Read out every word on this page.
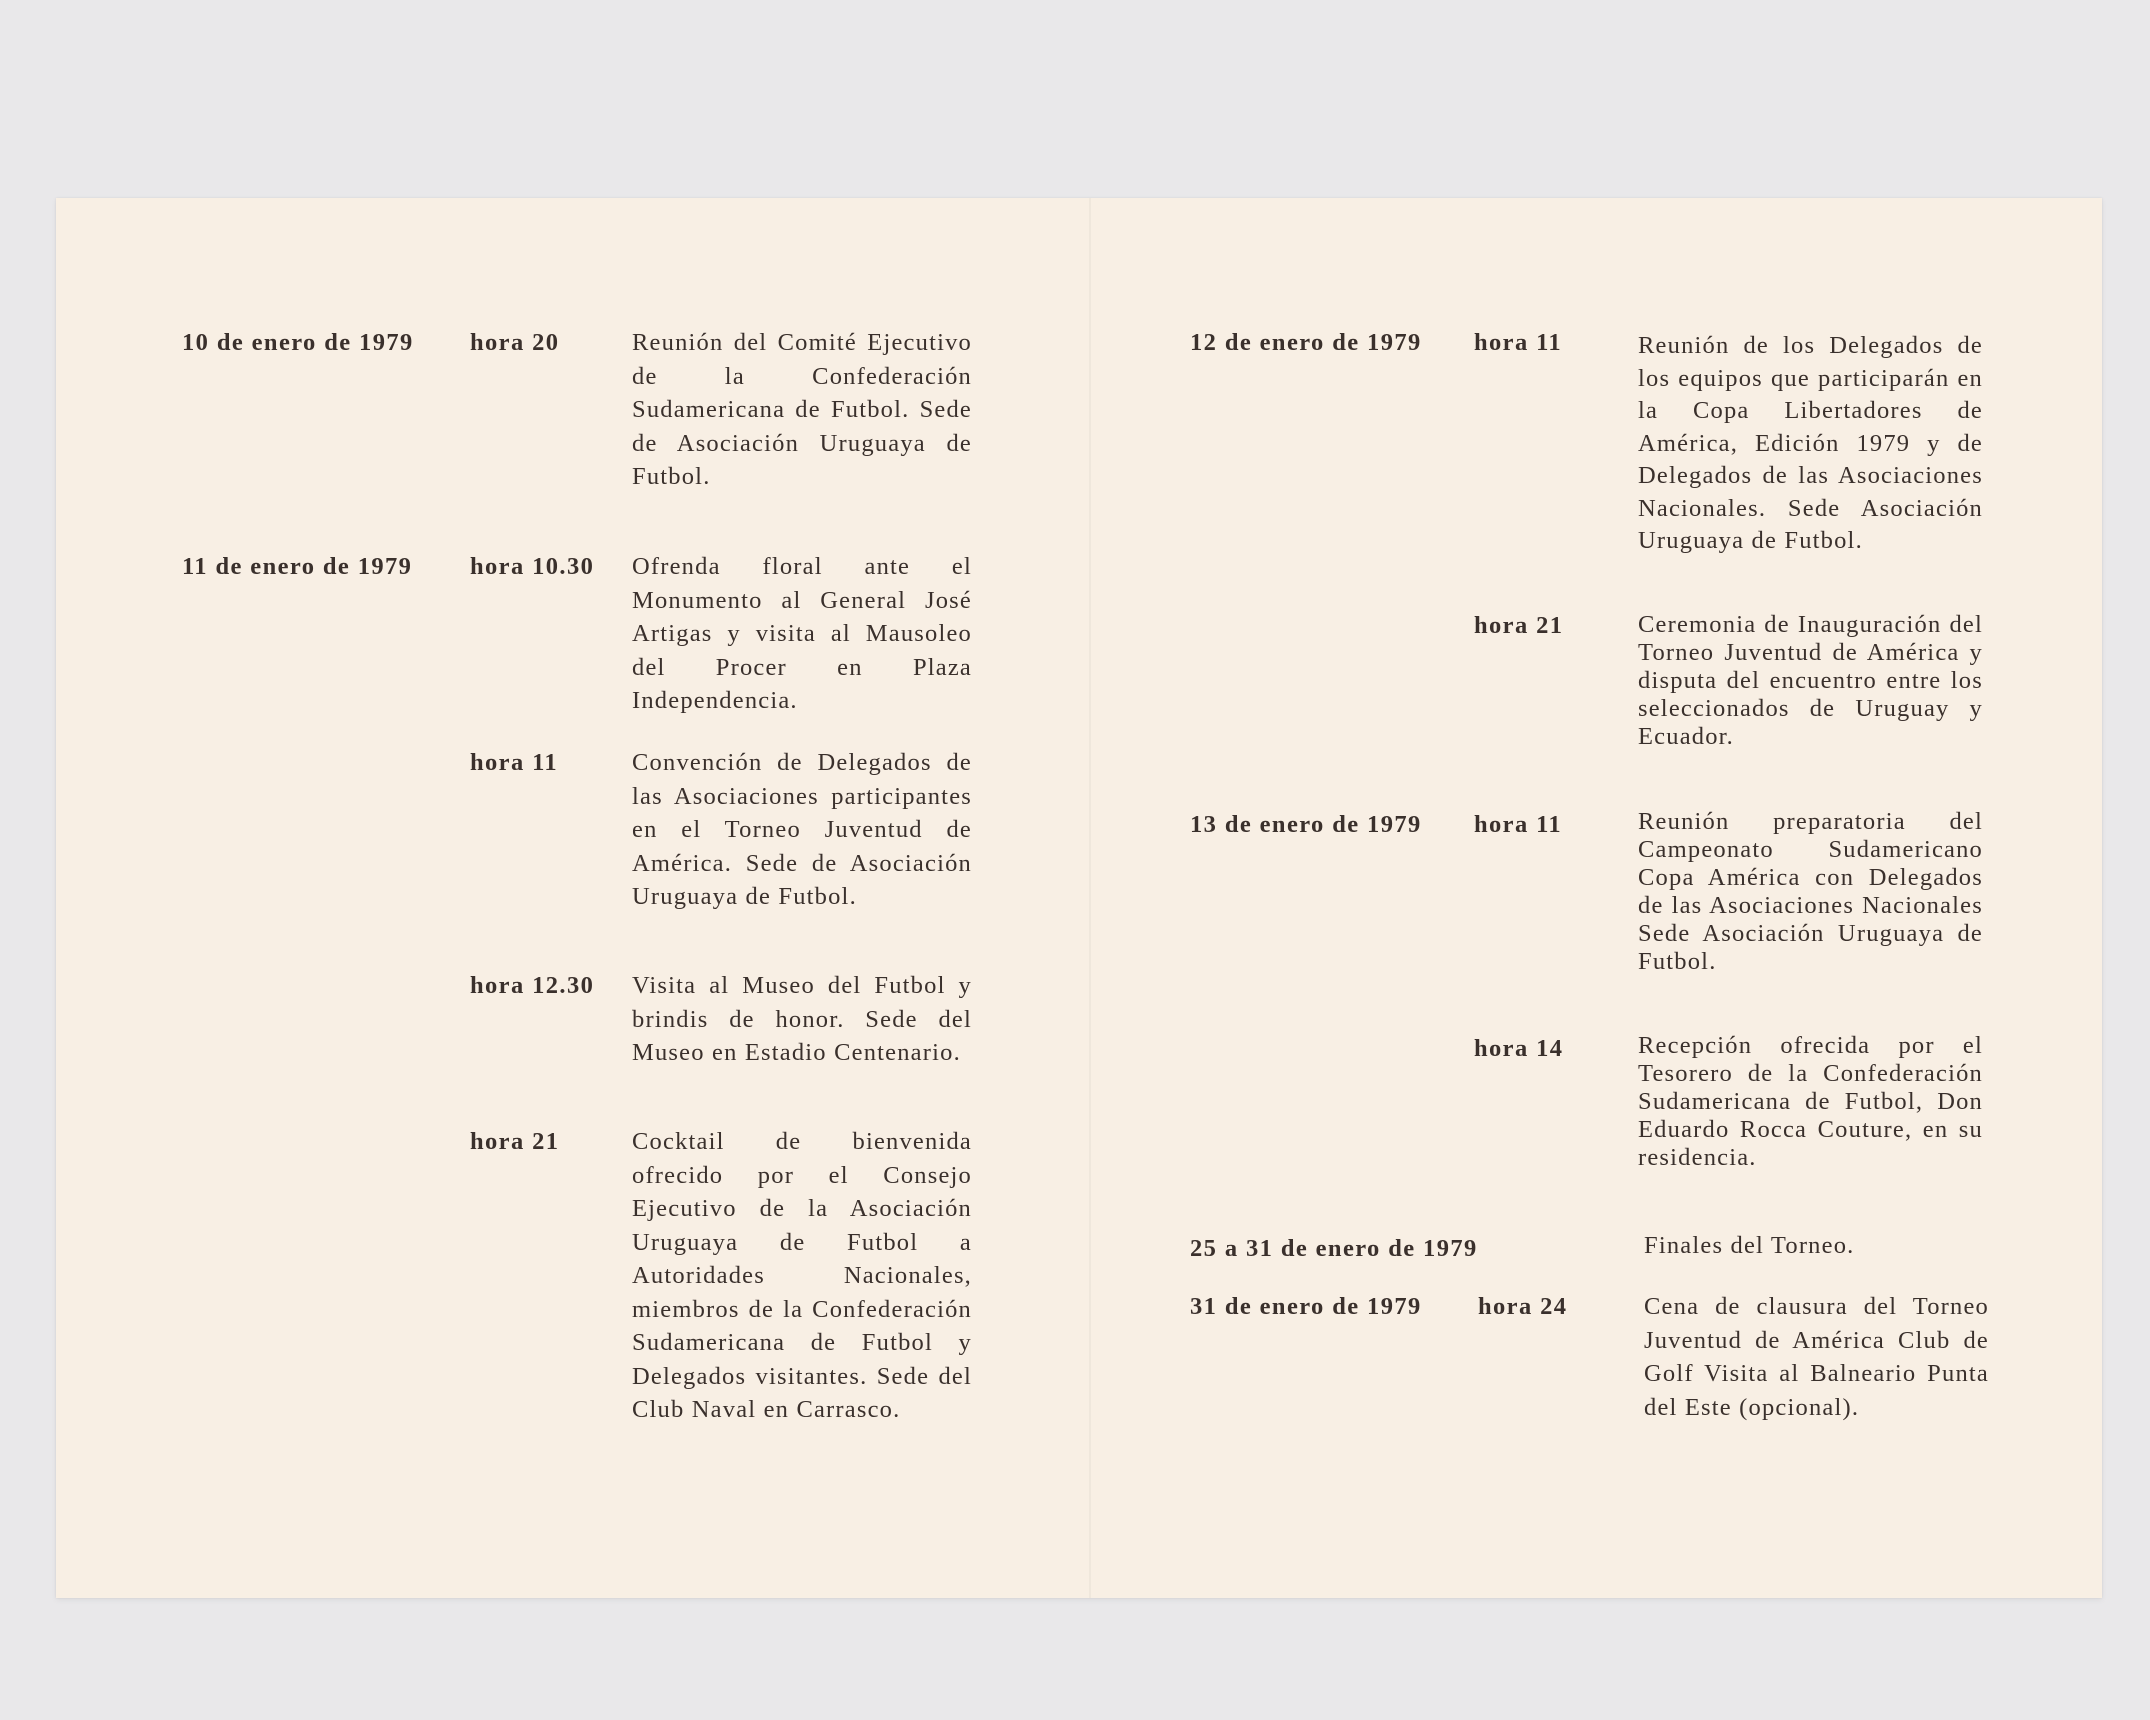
10 de enero de 1979 hora 20	Reunión del Comité Ejecutivo de la Confederación Sudamericana de Futbol. Sede de Asociación Uruguaya de Futbol.
11 de enero de 1979 hora 10.30 Ofrenda floral ante el Monumento al General José Artigas y visita al Mausoleo del Procer en Plaza Independencia.
hora 11	Convención de Delegados de las Asociaciones participantes en el Torneo Juventud de América. Sede de Asociación Uruguaya de Futbol.
hora 12.30 Visita al Museo del Futbol y brindis de honor. Sede del Museo en Estadio Centenario.
hora 21	Cocktail de bienvenida ofrecido por el Consejo Ejecutivo de la Asociación Uruguaya de Futbol a Autoridades Nacionales, miembros de la Confederación Sudamericana de Futbol y Delegados visitantes. Sede del Club Naval en Carrasco.
12 de enero de 1979 hora 11	Reunión de los Delegados de los equipos que participarán en la Copa Libertadores de América, Edición 1979 y de Delegados de las Asociaciones Nacionales. Sede Asociación Uruguaya de Futbol.
hora 21	Ceremonia de Inauguración del Torneo Juventud de América y disputa del encuentro entre los seleccionados de Uruguay y Ecuador.
13 de enero de 1979 hora 11	Reunión preparatoria del Campeonato Sudamericano Copa América con Delegados de las Asociaciones Nacionales Sede Asociación Uruguaya de Futbol.
hora 14	Recepción ofrecida por el Tesorero de la Confederación Sudamericana de Futbol, Don Eduardo Rocca Couture, en su residencia.
25 a 31 de enero de 1979	Finales del Torneo.
31 de enero de 1979 hora 24	Cena de clausura del Torneo Juventud de América Club de Golf Visita al Balneario Punta del Este (opcional).
